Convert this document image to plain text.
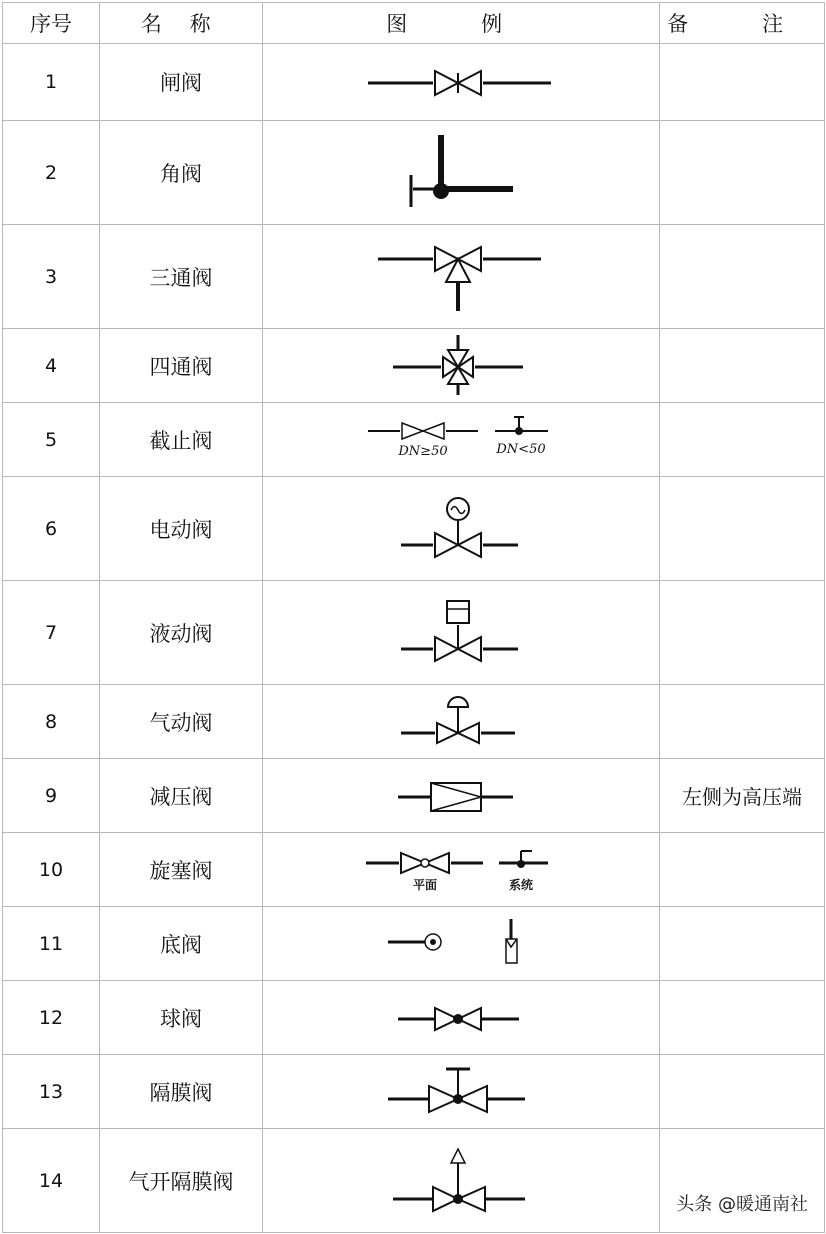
序号	名 称	图 例	备 注
1	闸阀	

2	角阀	

3	三通阀	

4	四通阀	

5	截止阀	DN≥50 DN<50	

6	电动阀	

7	液动阀	

8	气动阀	

9	减压阀		左侧为高压端
10	旋塞阀	平面 系统	

11	底阀	

12	球阀	

13	隔膜阀	

14	气开隔膜阀	

头条 @暖通南社
